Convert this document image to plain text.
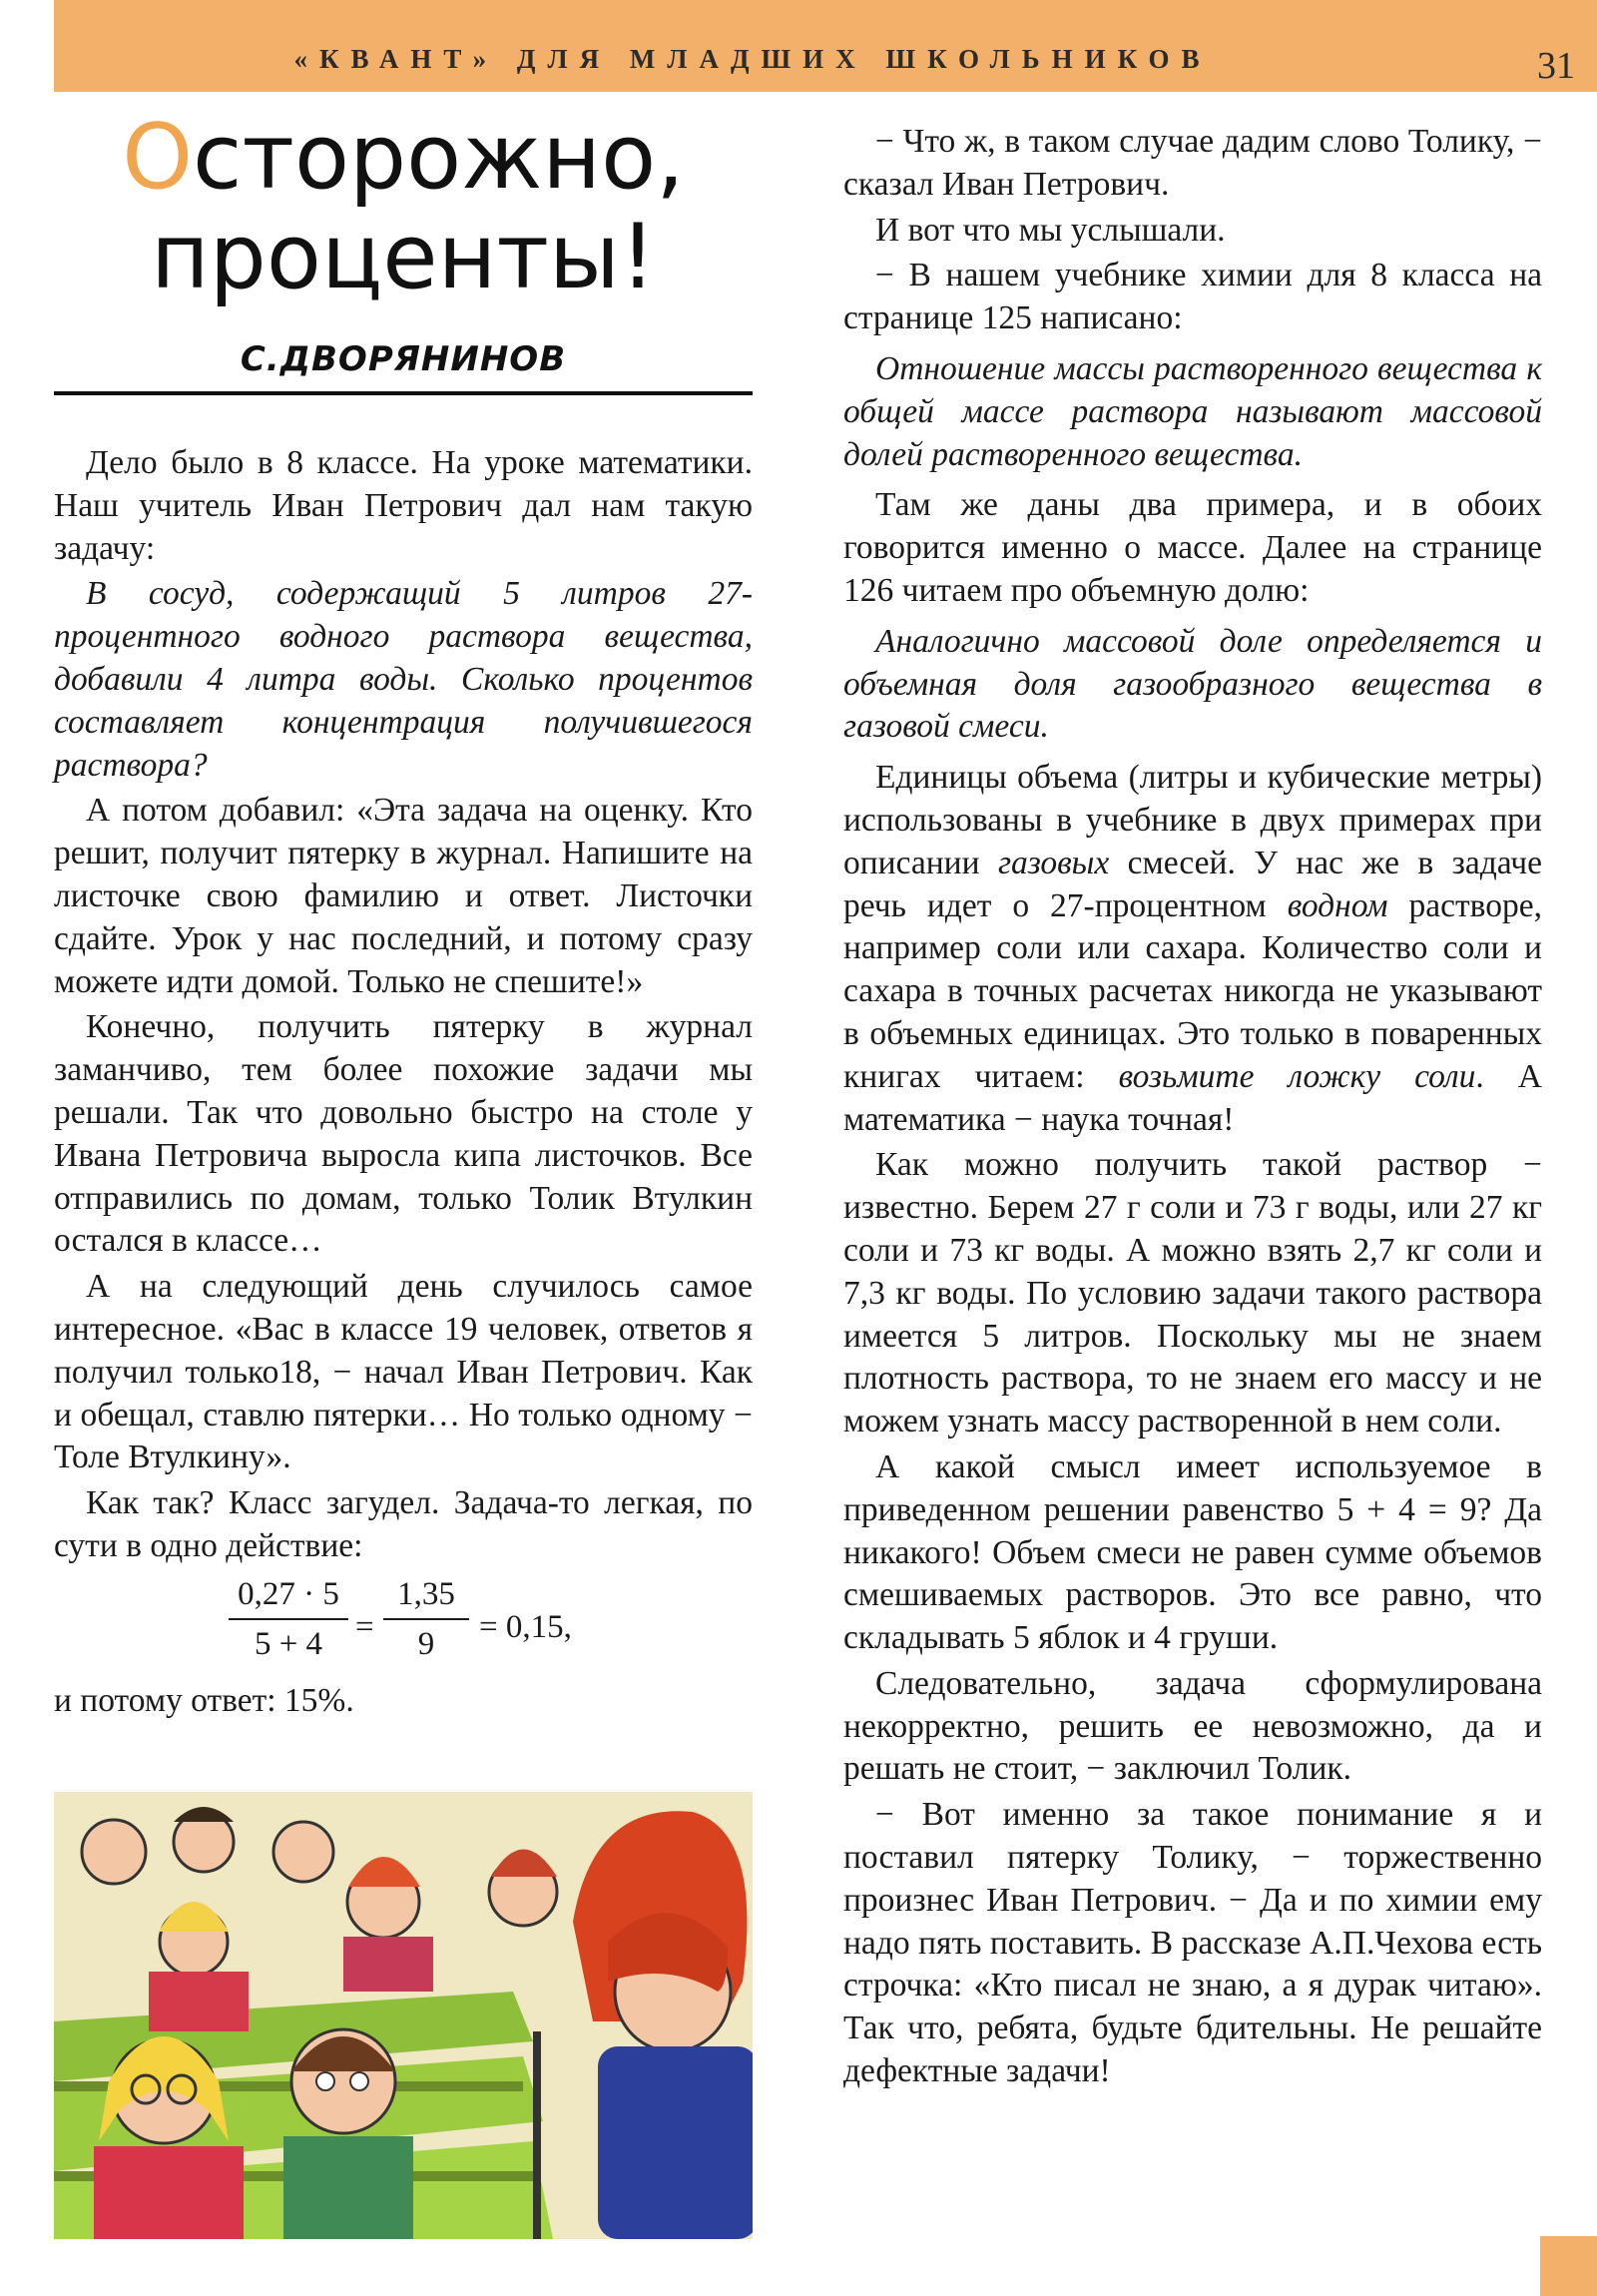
«КВАНТ» ДЛЯ МЛАДШИХ ШКОЛЬНИКОВ	31
Осторожно,
проценты!
С.ДВОРЯНИНОВ

Дело было в 8 классе. На уроке математики. Наш учитель Иван Петрович дал нам такую задачу:

В сосуд, содержащий 5 литров 27-процентного водного раствора вещества, добавили 4 литра воды. Сколько процентов составляет концентрация получившегося раствора?

А потом добавил: «Эта задача на оценку. Кто решит, получит пятерку в журнал. Напишите на листочке свою фамилию и ответ. Листочки сдайте. Урок у нас последний, и потому сразу можете идти домой. Только не спешите!»

Конечно, получить пятерку в журнал заманчиво, тем более похожие задачи мы решали. Так что довольно быстро на столе у Ивана Петровича выросла кипа листочков. Все отправились по домам, только Толик Втулкин остался в классе…

А на следующий день случилось самое интересное. «Вас в классе 19 человек, ответов я получил только18, − начал Иван Петрович. Как и обещал, ставлю пятерки… Но только одному − Толе Втулкину».

Как так? Класс загудел. Задача-то легкая, по сути в одно действие:

$\frac{0,27 \cdot 5}{5 + 4} = \frac{1,35}{9} = 0,15$,

и потому ответ: 15%.

− Что ж, в таком случае дадим слово Толику, − сказал Иван Петрович.

И вот что мы услышали.

− В нашем учебнике химии для 8 класса на странице 125 написано:

Отношение массы растворенного вещества к общей массе раствора называют массовой долей растворенного вещества.

Там же даны два примера, и в обоих говорится именно о массе. Далее на странице 126 читаем про объемную долю:

Аналогично массовой доле определяется и объемная доля газообразного вещества в газовой смеси.

Единицы объема (литры и кубические метры) использованы в учебнике в двух примерах при описании газовых смесей. У нас же в задаче речь идет о 27-процентном водном растворе, например соли или сахара. Количество соли и сахара в точных расчетах никогда не указывают в объемных единицах. Это только в поваренных книгах читаем: возьмите ложку соли. А математика − наука точная!

Как можно получить такой раствор − известно. Берем 27 г соли и 73 г воды, или 27 кг соли и 73 кг воды. А можно взять 2,7 кг соли и 7,3 кг воды. По условию задачи такого раствора имеется 5 литров. Поскольку мы не знаем плотность раствора, то не знаем его массу и не можем узнать массу растворенной в нем соли.

А какой смысл имеет используемое в приведенном решении равенство 5 + 4 = 9? Да никакого! Объем смеси не равен сумме объемов смешиваемых растворов. Это все равно, что складывать 5 яблок и 4 груши.

Следовательно, задача сформулирована некорректно, решить ее невозможно, да и решать не стоит, − заключил Толик.

− Вот именно за такое понимание я и поставил пятерку Толику, − торжественно произнес Иван Петрович. − Да и по химии ему надо пять поставить. В рассказе А.П.Чехова есть строчка: «Кто писал не знаю, а я дурак читаю». Так что, ребята, будьте бдительны. Не решайте дефектные задачи!
